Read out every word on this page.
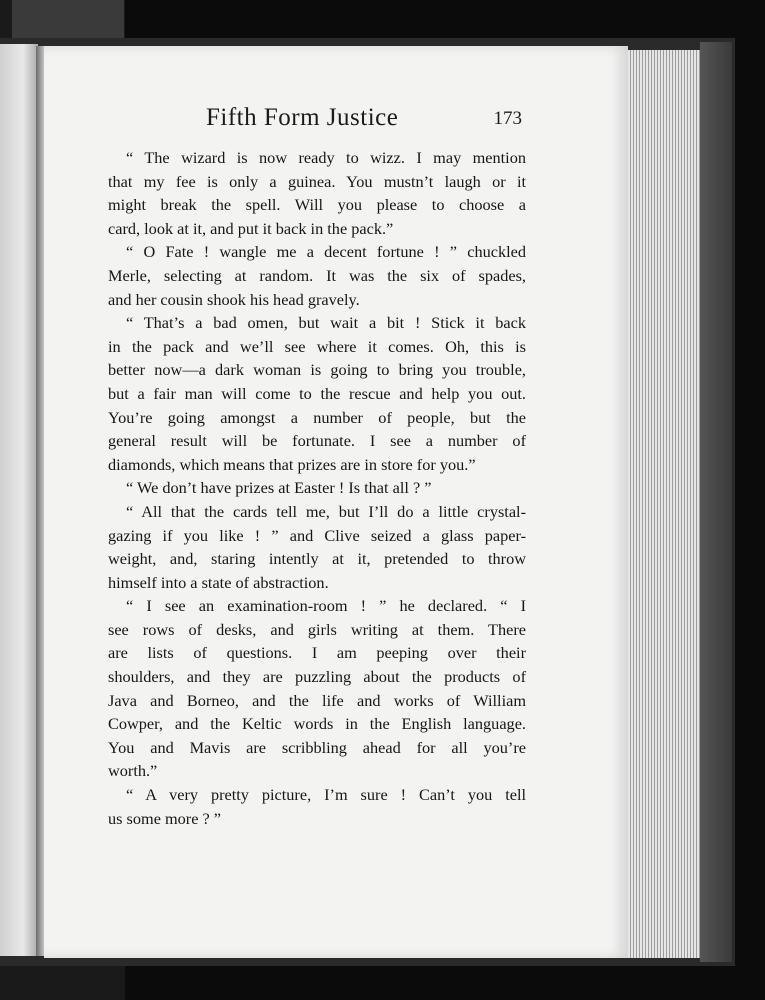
Fifth Form Justice	173
“ The wizard is now ready to wizz. I may mention
that my fee is only a guinea. You mustn’t laugh or it
might break the spell. Will you please to choose a
card, look at it, and put it back in the pack.”
“ O Fate ! wangle me a decent fortune ! ” chuckled
Merle, selecting at random. It was the six of spades,
and her cousin shook his head gravely.
“ That’s a bad omen, but wait a bit ! Stick it back
in the pack and we’ll see where it comes. Oh, this is
better now—a dark woman is going to bring you trouble,
but a fair man will come to the rescue and help you out.
You’re going amongst a number of people, but the
general result will be fortunate. I see a number of
diamonds, which means that prizes are in store for you.”
“ We don’t have prizes at Easter ! Is that all ? ”
“ All that the cards tell me, but I’ll do a little crystal-
gazing if you like ! ” and Clive seized a glass paper-
weight, and, staring intently at it, pretended to throw
himself into a state of abstraction.
“ I see an examination-room ! ” he declared. “ I
see rows of desks, and girls writing at them. There
are lists of questions. I am peeping over their
shoulders, and they are puzzling about the products of
Java and Borneo, and the life and works of William
Cowper, and the Keltic words in the English language.
You and Mavis are scribbling ahead for all you’re
worth.”
“ A very pretty picture, I’m sure ! Can’t you tell
us some more ? ”
